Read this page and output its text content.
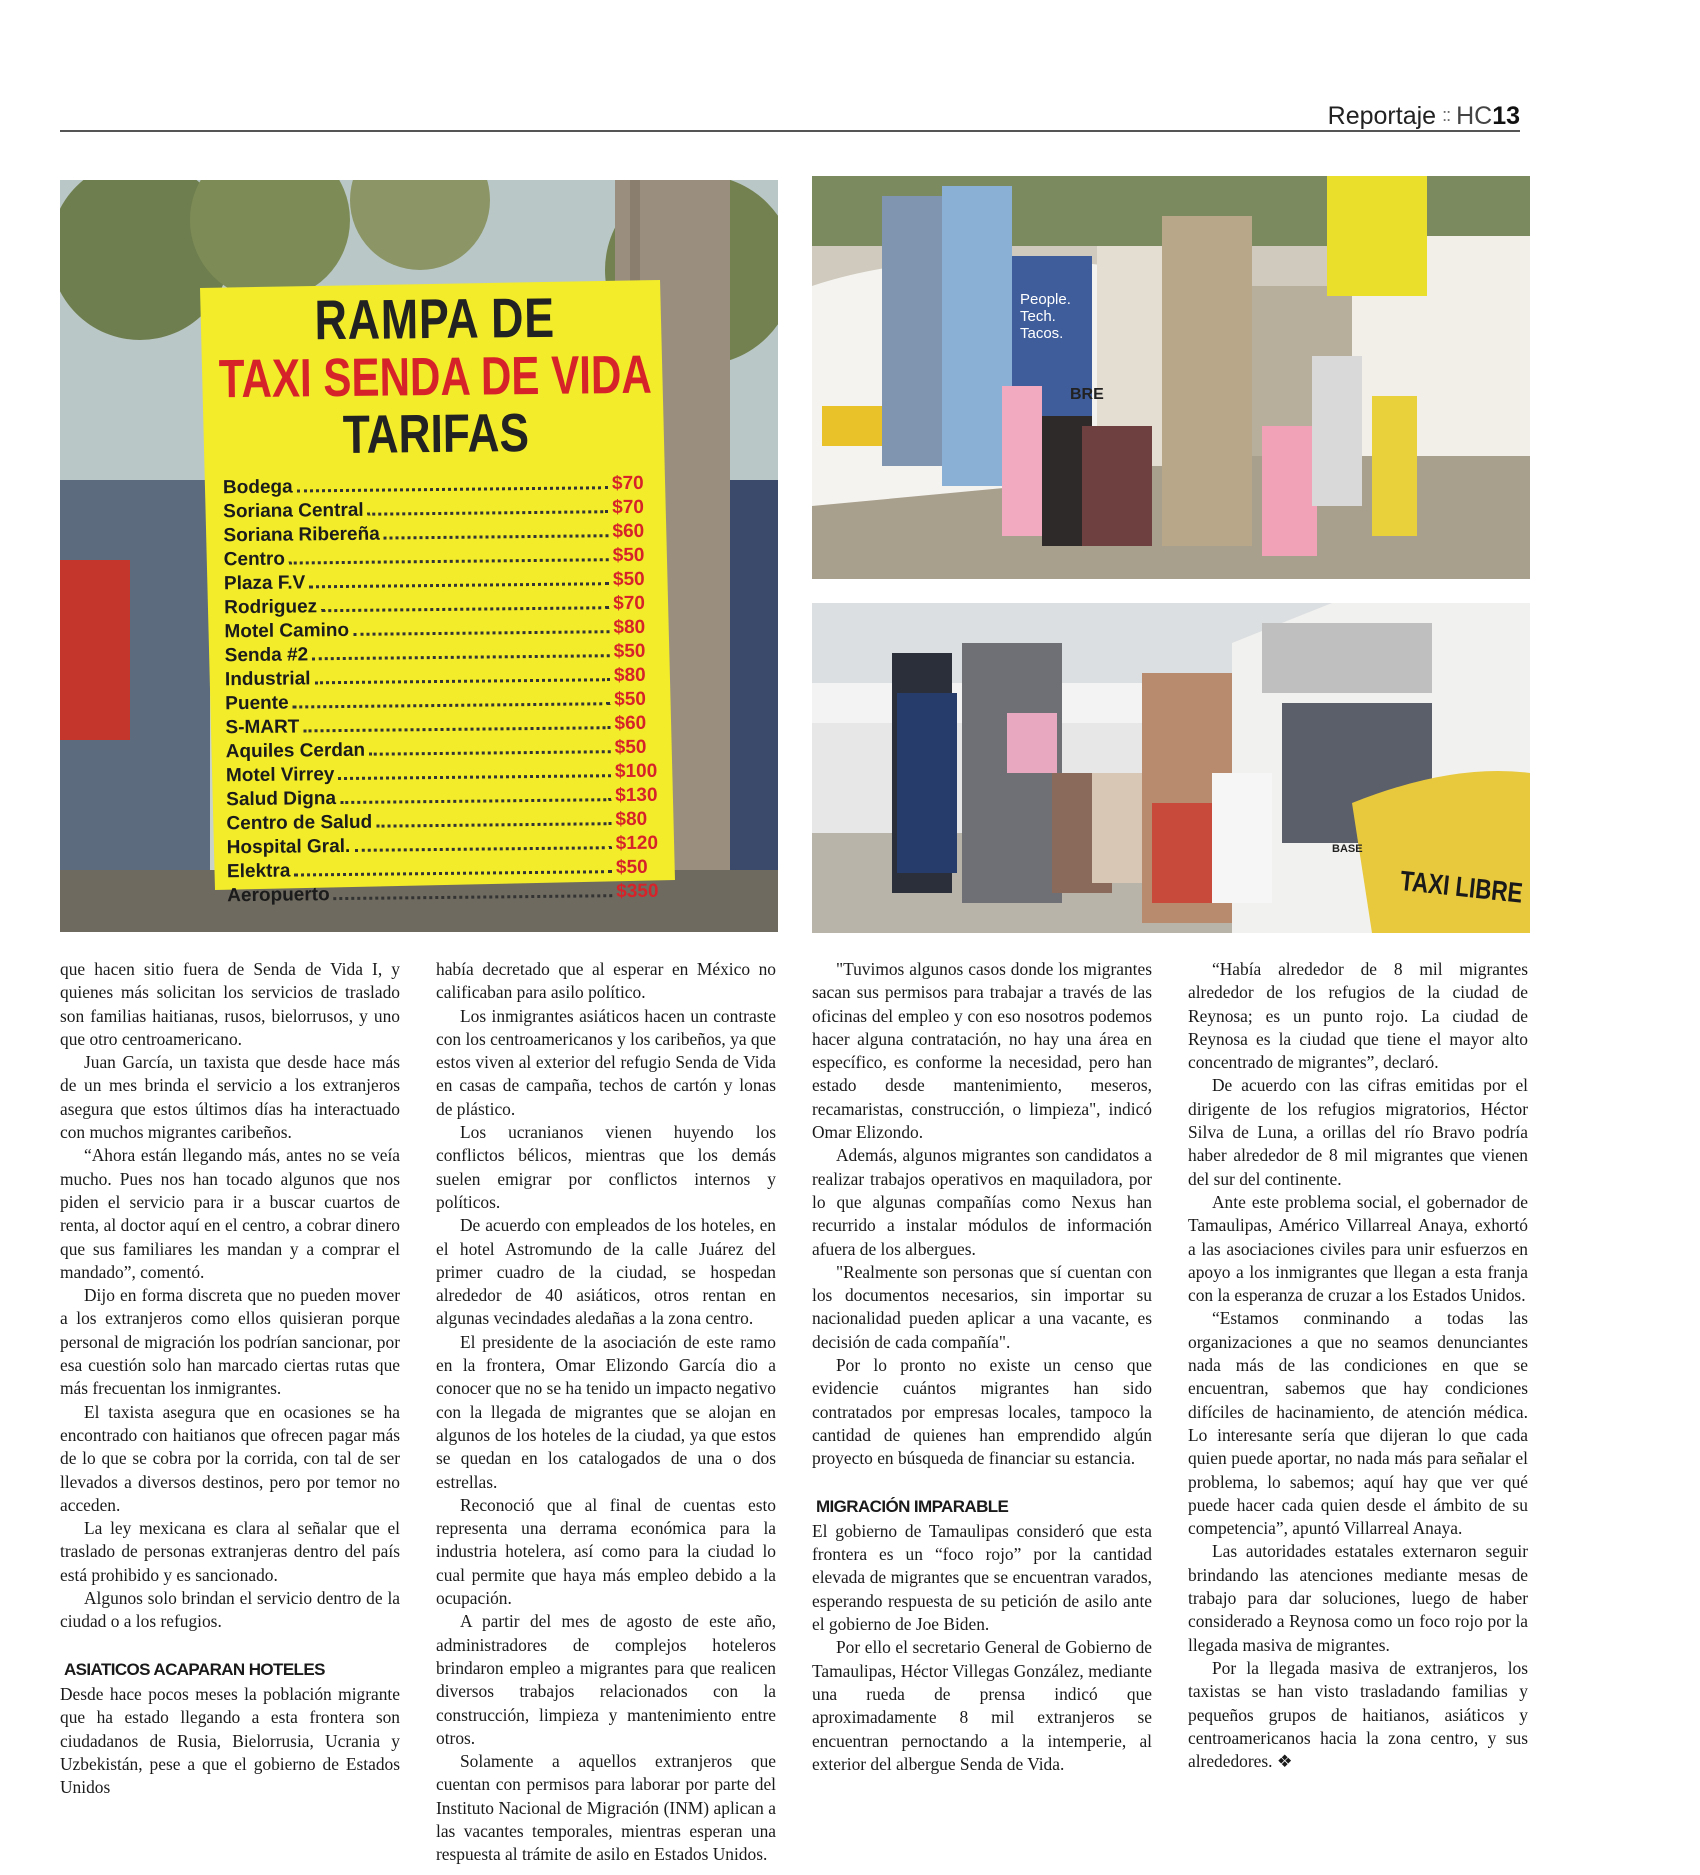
Reportaje :: HC13
RAMPA DE
TAXI SENDA DE VIDA
TARIFAS
Bodega	$70
Soriana Central	$70
Soriana Ribereña	$60
Centro	$50
Plaza F.V	$50
Rodriguez	$70
Motel Camino	$80
Senda #2	$50
Industrial	$80
Puente	$50
S-MART	$60
Aquiles Cerdan	$50
Motel Virrey	$100
Salud Digna	$130
Centro de Salud	$80
Hospital Gral.	$120
Elektra	$50
Aeropuerto	$350
People. Tech. Tacos.
BRE
TAXI LIBRE
BASE

que hacen sitio fuera de Senda de Vida I, y quienes más solicitan los servicios de traslado son familias haitianas, rusos, bielorrusos, y uno que otro centroamericano.

Juan García, un taxista que desde hace más de un mes brinda el servicio a los extranjeros asegura que estos últimos días ha interactuado con muchos migrantes caribeños.

“Ahora están llegando más, antes no se veía mucho. Pues nos han tocado algunos que nos piden el servicio para ir a buscar cuartos de renta, al doctor aquí en el centro, a cobrar dinero que sus familiares les mandan y a comprar el mandado”, comentó.

Dijo en forma discreta que no pueden mover a los extranjeros como ellos quisieran porque personal de migración los podrían sancionar, por esa cuestión solo han marcado ciertas rutas que más frecuentan los inmigrantes.

El taxista asegura que en ocasiones se ha encontrado con haitianos que ofrecen pagar más de lo que se cobra por la corrida, con tal de ser llevados a diversos destinos, pero por temor no acceden.

La ley mexicana es clara al señalar que el traslado de personas extranjeras dentro del país está prohibido y es sancionado.

Algunos solo brindan el servicio dentro de la ciudad o a los refugios.

ASIATICOS ACAPARAN HOTELES

Desde hace pocos meses la población migrante que ha estado llegando a esta frontera son ciudadanos de Rusia, Bielorrusia, Ucrania y Uzbekistán, pese a que el gobierno de Estados Unidos

había decretado que al esperar en México no calificaban para asilo político.

Los inmigrantes asiáticos hacen un contraste con los centroamericanos y los caribeños, ya que estos viven al exterior del refugio Senda de Vida en casas de campaña, techos de cartón y lonas de plástico.

Los ucranianos vienen huyendo los conflictos bélicos, mientras que los demás suelen emigrar por conflictos internos y políticos.

De acuerdo con empleados de los hoteles, en el hotel Astromundo de la calle Juárez del primer cuadro de la ciudad, se hospedan alrededor de 40 asiáticos, otros rentan en algunas vecindades aledañas a la zona centro.

El presidente de la asociación de este ramo en la frontera, Omar Elizondo García dio a conocer que no se ha tenido un impacto negativo con la llegada de migrantes que se alojan en algunos de los hoteles de la ciudad, ya que estos se quedan en los catalogados de una o dos estrellas.

Reconoció que al final de cuentas esto representa una derrama económica para la industria hotelera, así como para la ciudad lo cual permite que haya más empleo debido a la ocupación.

A partir del mes de agosto de este año, administradores de complejos hoteleros brindaron empleo a migrantes para que realicen diversos trabajos relacionados con la construcción, limpieza y mantenimiento entre otros.

Solamente a aquellos extranjeros que cuentan con permisos para laborar por parte del Instituto Nacional de Migración (INM) aplican a las vacantes temporales, mientras esperan una respuesta al trámite de asilo en Estados Unidos.

"Tuvimos algunos casos donde los migrantes sacan sus permisos para trabajar a través de las oficinas del empleo y con eso nosotros podemos hacer alguna contratación, no hay una área en específico, es conforme la necesidad, pero han estado desde mantenimiento, meseros, recamaristas, construcción, o limpieza", indicó Omar Elizondo.

Además, algunos migrantes son candidatos a realizar trabajos operativos en maquiladora, por lo que algunas compañías como Nexus han recurrido a instalar módulos de información afuera de los albergues.

"Realmente son personas que sí cuentan con los documentos necesarios, sin importar su nacionalidad pueden aplicar a una vacante, es decisión de cada compañía".

Por lo pronto no existe un censo que evidencie cuántos migrantes han sido contratados por empresas locales, tampoco la cantidad de quienes han emprendido algún proyecto en búsqueda de financiar su estancia.

MIGRACIÓN IMPARABLE

El gobierno de Tamaulipas consideró que esta frontera es un “foco rojo” por la cantidad elevada de migrantes que se encuentran varados, esperando respuesta de su petición de asilo ante el gobierno de Joe Biden.

Por ello el secretario General de Gobierno de Tamaulipas, Héctor Villegas González, mediante una rueda de prensa indicó que aproximadamente 8 mil extranjeros se encuentran pernoctando a la intemperie, al exterior del albergue Senda de Vida.

“Había alrededor de 8 mil migrantes alrededor de los refugios de la ciudad de Reynosa; es un punto rojo. La ciudad de Reynosa es la ciudad que tiene el mayor alto concentrado de migrantes”, declaró.

De acuerdo con las cifras emitidas por el dirigente de los refugios migratorios, Héctor Silva de Luna, a orillas del río Bravo podría haber alrededor de 8 mil migrantes que vienen del sur del continente.

Ante este problema social, el gobernador de Tamaulipas, Américo Villarreal Anaya, exhortó a las asociaciones civiles para unir esfuerzos en apoyo a los inmigrantes que llegan a esta franja con la esperanza de cruzar a los Estados Unidos.

“Estamos conminando a todas las organizaciones a que no seamos denunciantes nada más de las condiciones en que se encuentran, sabemos que hay condiciones difíciles de hacinamiento, de atención médica. Lo interesante sería que dijeran lo que cada quien puede aportar, no nada más para señalar el problema, lo sabemos; aquí hay que ver qué puede hacer cada quien desde el ámbito de su competencia”, apuntó Villarreal Anaya.

Las autoridades estatales externaron seguir brindando las atenciones mediante mesas de trabajo para dar soluciones, luego de haber considerado a Reynosa como un foco rojo por la llegada masiva de migrantes.

Por la llegada masiva de extranjeros, los taxistas se han visto trasladando familias y pequeños grupos de haitianos, asiáticos y centroamericanos hacia la zona centro, y sus alrededores. ❖
